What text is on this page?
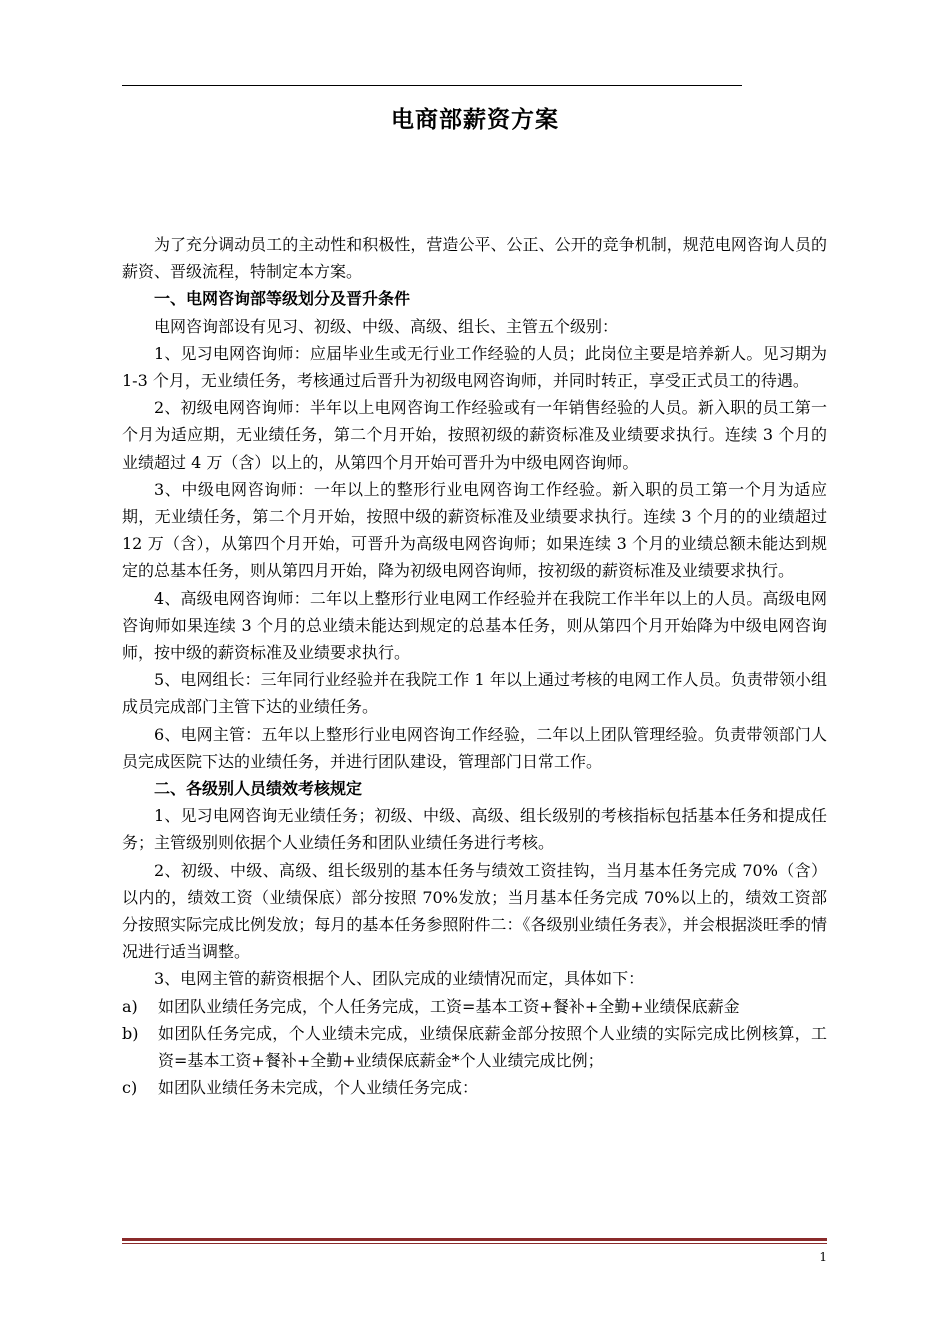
电商部薪资方案

为了充分调动员工的主动性和积极性，营造公平、公正、公开的竞争机制，规范电网咨询人员的薪资、晋级流程，特制定本方案。

一、电网咨询部等级划分及晋升条件

电网咨询部设有见习、初级、中级、高级、组长、主管五个级别：

1、见习电网咨询师：应届毕业生或无行业工作经验的人员；此岗位主要是培养新人。见习期为 1-3 个月，无业绩任务，考核通过后晋升为初级电网咨询师，并同时转正，享受正式员工的待遇。

2、初级电网咨询师：半年以上电网咨询工作经验或有一年销售经验的人员。新入职的员工第一个月为适应期，无业绩任务，第二个月开始，按照初级的薪资标准及业绩要求执行。连续 3 个月的业绩超过 4 万（含）以上的，从第四个月开始可晋升为中级电网咨询师。

3、中级电网咨询师：一年以上的整形行业电网咨询工作经验。新入职的员工第一个月为适应期，无业绩任务，第二个月开始，按照中级的薪资标准及业绩要求执行。连续 3 个月的的业绩超过 12 万（含），从第四个月开始，可晋升为高级电网咨询师；如果连续 3 个月的业绩总额未能达到规定的总基本任务，则从第四月开始，降为初级电网咨询师，按初级的薪资标准及业绩要求执行。

4、高级电网咨询师：二年以上整形行业电网工作经验并在我院工作半年以上的人员。高级电网咨询师如果连续 3 个月的总业绩未能达到规定的总基本任务，则从第四个月开始降为中级电网咨询师，按中级的薪资标准及业绩要求执行。

5、电网组长：三年同行业经验并在我院工作 1 年以上通过考核的电网工作人员。负责带领小组成员完成部门主管下达的业绩任务。

6、电网主管：五年以上整形行业电网咨询工作经验，二年以上团队管理经验。负责带领部门人员完成医院下达的业绩任务，并进行团队建设，管理部门日常工作。

二、各级别人员绩效考核规定

1、见习电网咨询无业绩任务；初级、中级、高级、组长级别的考核指标包括基本任务和提成任务；主管级别则依据个人业绩任务和团队业绩任务进行考核。

2、初级、中级、高级、组长级别的基本任务与绩效工资挂钩，当月基本任务完成 70%（含）以内的，绩效工资（业绩保底）部分按照 70%发放；当月基本任务完成 70%以上的，绩效工资部分按照实际完成比例发放；每月的基本任务参照附件二：《各级别业绩任务表》，并会根据淡旺季的情况进行适当调整。

3、电网主管的薪资根据个人、团队完成的业绩情况而定，具体如下：

a)	如团队业绩任务完成，个人任务完成，工资=基本工资+餐补+全勤+业绩保底薪金
b)	如团队任务完成，个人业绩未完成，业绩保底薪金部分按照个人业绩的实际完成比例核算，工资=基本工资+餐补+全勤+业绩保底薪金*个人业绩完成比例；
c)	如团队业绩任务未完成，个人业绩任务完成：
1
